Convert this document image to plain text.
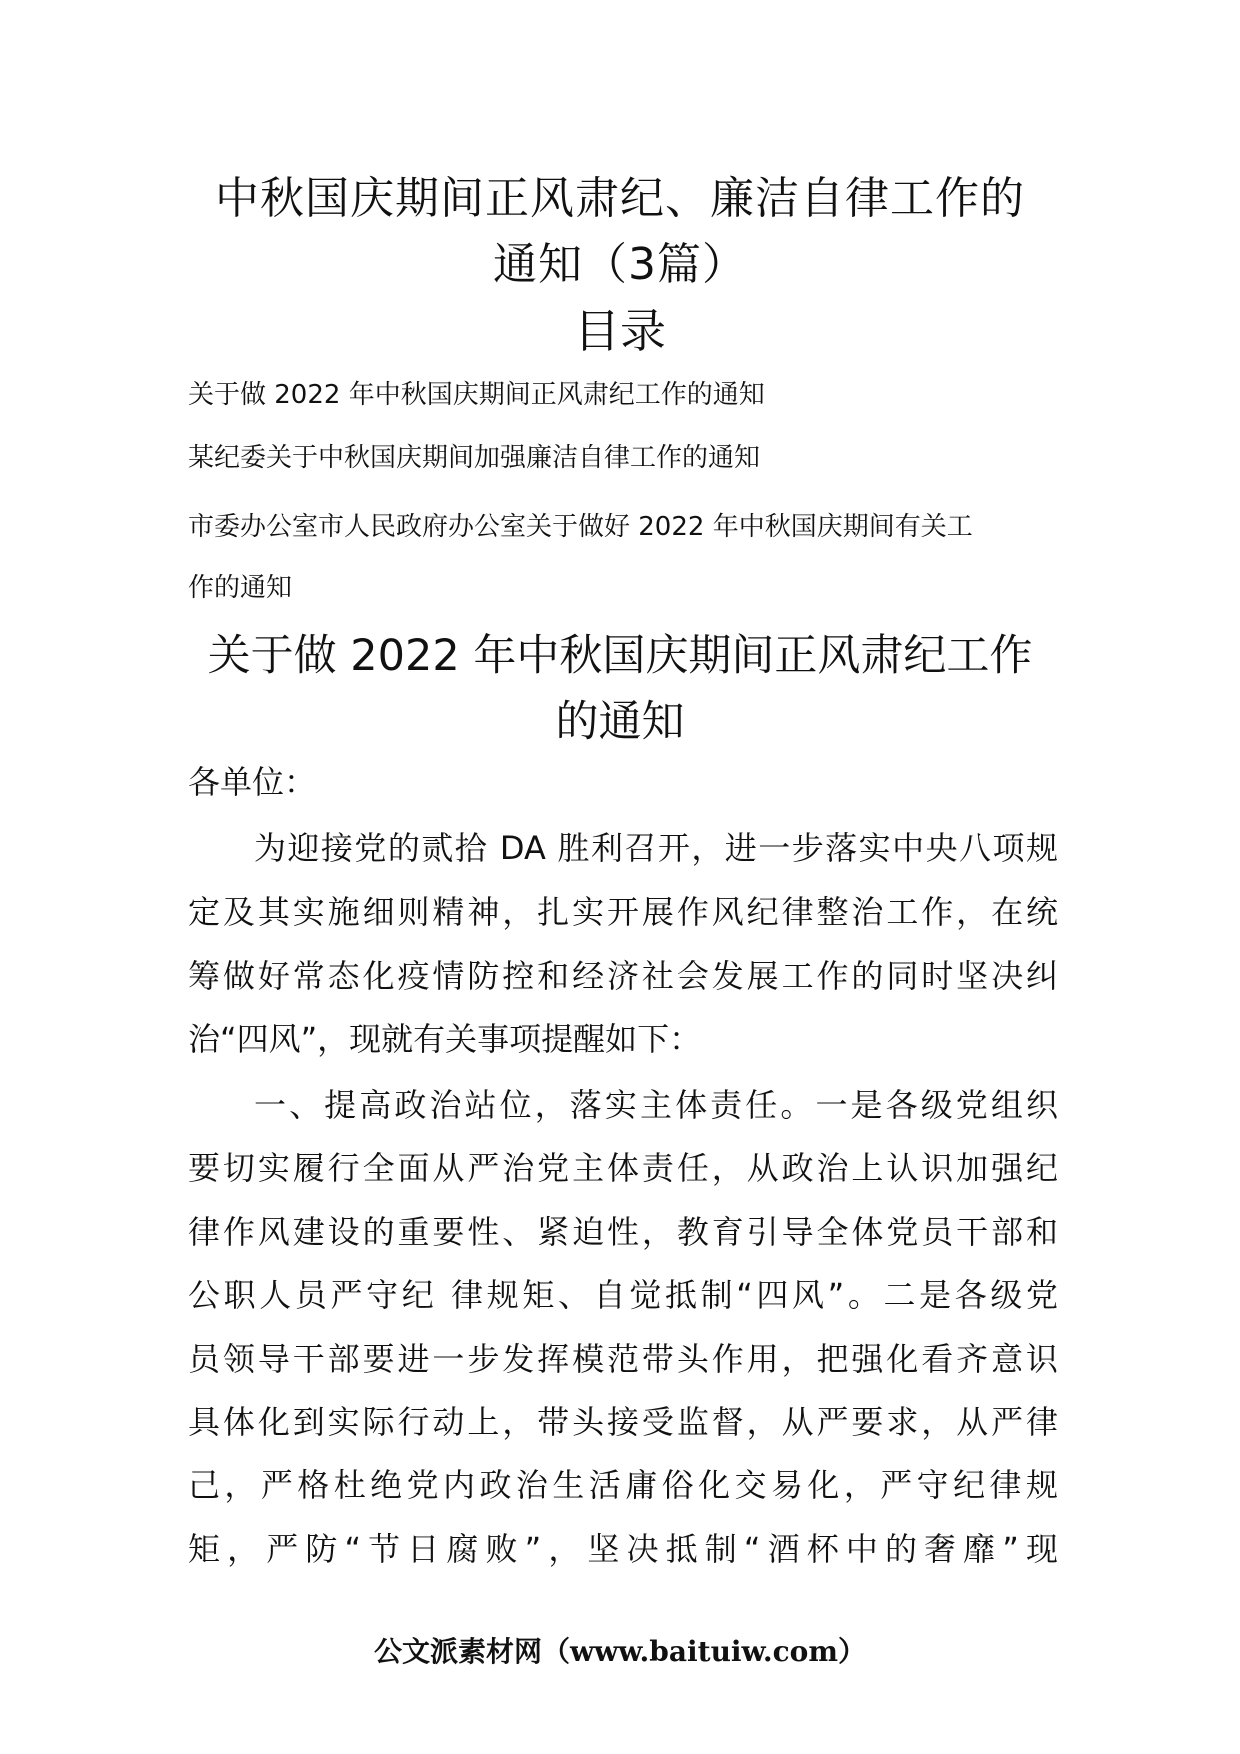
中秋国庆期间正风肃纪、廉洁自律工作的
通知（3篇）
目录
关于做 2022 年中秋国庆期间正风肃纪工作的通知
某纪委关于中秋国庆期间加强廉洁自律工作的通知
市委办公室市人民政府办公室关于做好 2022 年中秋国庆期间有关工
作的通知
关于做 2022 年中秋国庆期间正风肃纪工作
的通知
各单位：
为迎接党的贰拾 DA 胜利召开，进一步落实中央八项规
定及其实施细则精神，扎实开展作风纪律整治工作，在统
筹做好常态化疫情防控和经济社会发展工作的同时坚决纠
治“四风”，现就有关事项提醒如下：
一、提高政治站位，落实主体责任。一是各级党组织
要切实履行全面从严治党主体责任，从政治上认识加强纪
律作风建设的重要性、紧迫性，教育引导全体党员干部和
公职人员严守纪 律规矩、自觉抵制“四风”。二是各级党
员领导干部要进一步发挥模范带头作用，把强化看齐意识
具体化到实际行动上，带头接受监督，从严要求，从严律
己，严格杜绝党内政治生活庸俗化交易化，严守纪律规
矩，严防“节日腐败”，坚决抵制“酒杯中的奢靡”现
公文派素材网（www.baituiw.com）
